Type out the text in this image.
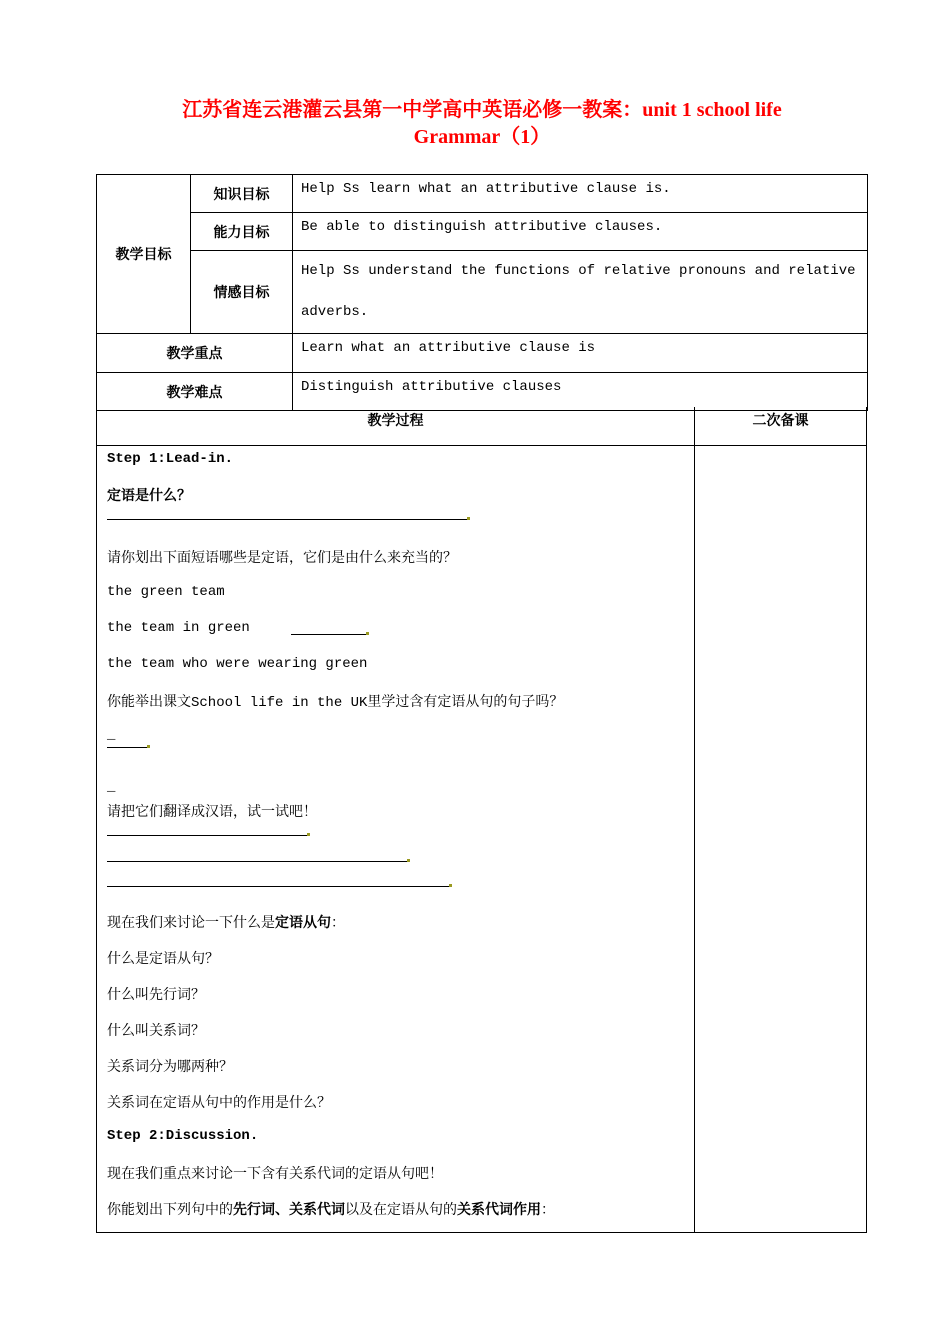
江苏省连云港灌云县第一中学高中英语必修一教案：unit 1 school life
Grammar（1）
教学目标	知识目标	Help Ss learn what an attributive clause is.
	能力目标	Be able to distinguish attributive clauses.
	情感目标	Help Ss understand the functions of relative pronouns and relative
adverbs.

教学重点		Learn what an attributive clause is
教学难点		Distinguish attributive clauses
教学过程	二次备课
Step 1:Lead-in.
定语是什么？
请你划出下面短语哪些是定语，它们是由什么来充当的？
the green team
the team in green
the team who were wearing green
你能举出课文School life in the UK里学过含有定语从句的句子吗？
_
_
请把它们翻译成汉语，试一试吧！
现在我们来讨论一下什么是定语从句：
什么是定语从句？
什么叫先行词？
什么叫关系词？
关系词分为哪两种？
关系词在定语从句中的作用是什么？
Step 2:Discussion.
现在我们重点来讨论一下含有关系代词的定语从句吧！
你能划出下列句中的先行词、关系代词以及在定语从句的关系代词作用：
